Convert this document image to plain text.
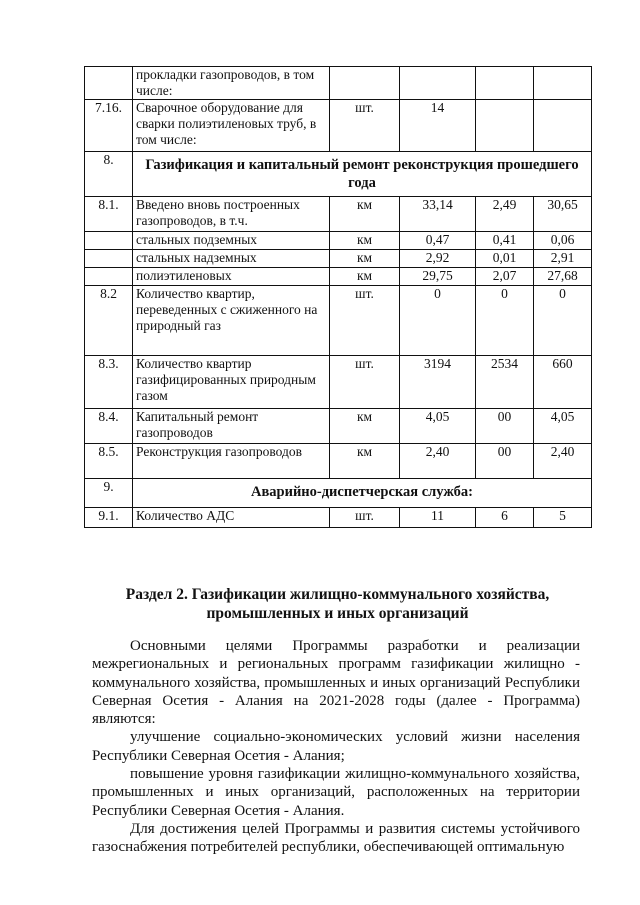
	прокладки газопроводов, в том числе:				
7.16.	Сварочное оборудование для сварки полиэтиленовых труб, в том числе:	шт.	14		
8.	Газификация и капитальный ремонт реконструкция прошедшего года				
8.1.	Введено вновь построенных газопроводов, в т.ч.	км	33,14	2,49	30,65
	стальных подземных	км	0,47	0,41	0,06
	стальных надземных	км	2,92	0,01	2,91
	полиэтиленовых	км	29,75	2,07	27,68
8.2	Количество квартир, переведенных с сжиженного на природный газ	шт.	0	0	0
8.3.	Количество квартир газифицированных природным газом	шт.	3194	2534	660
8.4.	Капитальный ремонт газопроводов	км	4,05	00	4,05
8.5.	Реконструкция газопроводов	км	2,40	00	2,40
9.	Аварийно-диспетчерская служба:				
9.1.	Количество АДС	шт.	11	6	5
Раздел 2. Газификации жилищно-коммунального хозяйства, промышленных и иных организаций

Основными целями Программы разработки и реализации межрегиональных и региональных программ газификации жилищно - коммунального хозяйства, промышленных и иных организаций Республики Северная Осетия - Алания на 2021-2028 годы (далее - Программа) являются:

улучшение социально-экономических условий жизни населения Республики Северная Осетия - Алания;

повышение уровня газификации жилищно-коммунального хозяйства, промышленных и иных организаций, расположенных на территории Республики Северная Осетия - Алания.

Для достижения целей Программы и развития системы устойчивого газоснабжения потребителей республики, обеспечивающей оптимальную
